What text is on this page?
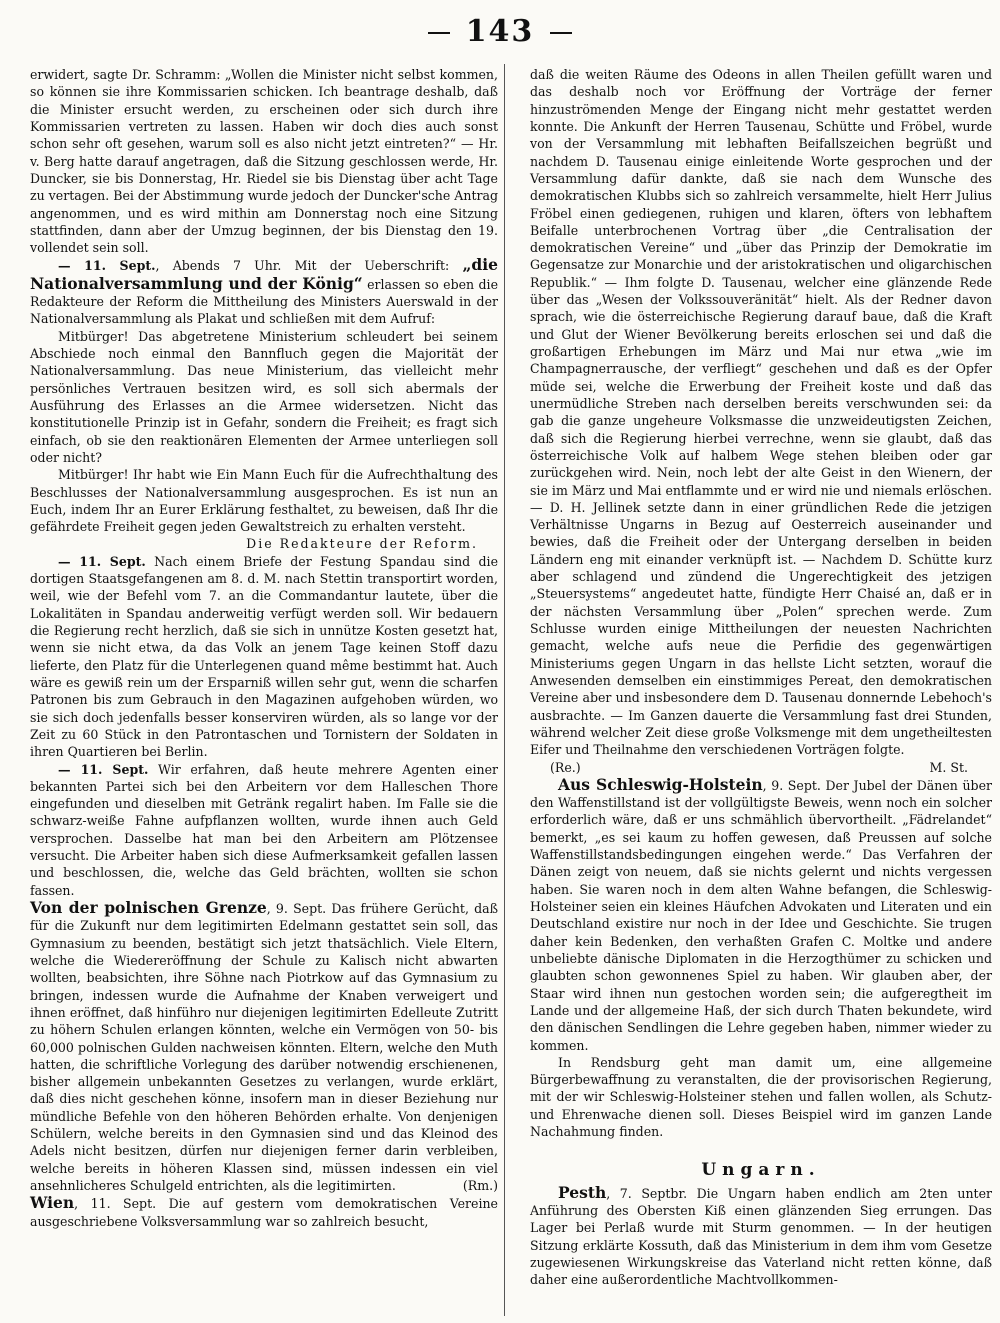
143

erwidert, sagte Dr. Schramm: „Wollen die Minister nicht selbst kommen, so können sie ihre Kommissarien schicken. Ich beantrage deshalb, daß die Minister ersucht werden, zu erscheinen oder sich durch ihre Kommissarien vertreten zu lassen. Haben wir doch dies auch sonst schon sehr oft gesehen, warum soll es also nicht jetzt eintreten?“ — Hr. v. Berg hatte darauf angetragen, daß die Sitzung geschlossen werde, Hr. Duncker, sie bis Donnerstag, Hr. Riedel sie bis Dienstag über acht Tage zu vertagen. Bei der Abstimmung wurde jedoch der Duncker'sche Antrag angenommen, und es wird mithin am Donnerstag noch eine Sitzung stattfinden, dann aber der Umzug beginnen, der bis Dienstag den 19. vollendet sein soll.

— 11. Sept., Abends 7 Uhr. Mit der Ueberschrift: „die Nationalversammlung und der König“ erlassen so eben die Redakteure der Reform die Mittheilung des Ministers Auerswald in der Nationalversammlung als Plakat und schließen mit dem Aufruf:

Mitbürger! Das abgetretene Ministerium schleudert bei seinem Abschiede noch einmal den Bannfluch gegen die Majorität der Nationalversammlung. Das neue Ministerium, das vielleicht mehr persönliches Vertrauen besitzen wird, es soll sich abermals der Ausführung des Erlasses an die Armee widersetzen. Nicht das konstitutionelle Prinzip ist in Gefahr, sondern die Freiheit; es fragt sich einfach, ob sie den reaktionären Elementen der Armee unterliegen soll oder nicht?

Mitbürger! Ihr habt wie Ein Mann Euch für die Aufrechthaltung des Beschlusses der Nationalversammlung ausgesprochen. Es ist nun an Euch, indem Ihr an Eurer Erklärung festhaltet, zu beweisen, daß Ihr die gefährdete Freiheit gegen jeden Gewaltstreich zu erhalten versteht.

Die Redakteure der Reform.

— 11. Sept. Nach einem Briefe der Festung Spandau sind die dortigen Staatsgefangenen am 8. d. M. nach Stettin transportirt worden, weil, wie der Befehl vom 7. an die Commandantur lautete, über die Lokalitäten in Spandau anderweitig verfügt werden soll. Wir bedauern die Regierung recht herzlich, daß sie sich in unnütze Kosten gesetzt hat, wenn sie nicht etwa, da das Volk an jenem Tage keinen Stoff dazu lieferte, den Platz für die Unterlegenen quand même bestimmt hat. Auch wäre es gewiß rein um der Ersparniß willen sehr gut, wenn die scharfen Patronen bis zum Gebrauch in den Magazinen aufgehoben würden, wo sie sich doch jedenfalls besser konserviren würden, als so lange vor der Zeit zu 60 Stück in den Patrontaschen und Tornistern der Soldaten in ihren Quartieren bei Berlin.

— 11. Sept. Wir erfahren, daß heute mehrere Agenten einer bekannten Partei sich bei den Arbeitern vor dem Halleschen Thore eingefunden und dieselben mit Getränk regalirt haben. Im Falle sie die schwarz-weiße Fahne aufpflanzen wollten, wurde ihnen auch Geld versprochen. Dasselbe hat man bei den Arbeitern am Plötzensee versucht. Die Arbeiter haben sich diese Aufmerksamkeit gefallen lassen und beschlossen, die, welche das Geld brächten, wollten sie schon fassen.

Von der polnischen Grenze, 9. Sept. Das frühere Gerücht, daß für die Zukunft nur dem legitimirten Edelmann gestattet sein soll, das Gymnasium zu beenden, bestätigt sich jetzt thatsächlich. Viele Eltern, welche die Wiedereröffnung der Schule zu Kalisch nicht abwarten wollten, beabsichten, ihre Söhne nach Piotrkow auf das Gymnasium zu bringen, indessen wurde die Aufnahme der Knaben verweigert und ihnen eröffnet, daß hinführo nur diejenigen legitimirten Edelleute Zutritt zu höhern Schulen erlangen könnten, welche ein Vermögen von 50- bis 60,000 polnischen Gulden nachweisen könnten. Eltern, welche den Muth hatten, die schriftliche Vorlegung des darüber notwendig erschienenen, bisher allgemein unbekannten Gesetzes zu verlangen, wurde erklärt, daß dies nicht geschehen könne, insofern man in dieser Beziehung nur mündliche Befehle von den höheren Behörden erhalte. Von denjenigen Schülern, welche bereits in den Gymnasien sind und das Kleinod des Adels nicht besitzen, dürfen nur diejenigen ferner darin verbleiben, welche bereits in höheren Klassen sind, müssen indessen ein viel ansehnlicheres Schulgeld entrichten, als die legitimirten.	(Rm.)

Wien, 11. Sept. Die auf gestern vom demokratischen Vereine ausgeschriebene Volksversammlung war so zahlreich besucht,

daß die weiten Räume des Odeons in allen Theilen gefüllt waren und das deshalb noch vor Eröffnung der Vorträge der ferner hinzuströmenden Menge der Eingang nicht mehr gestattet werden konnte. Die Ankunft der Herren Tausenau, Schütte und Fröbel, wurde von der Versammlung mit lebhaften Beifallszeichen begrüßt und nachdem D. Tausenau einige einleitende Worte gesprochen und der Versammlung dafür dankte, daß sie nach dem Wunsche des demokratischen Klubbs sich so zahlreich versammelte, hielt Herr Julius Fröbel einen gediegenen, ruhigen und klaren, öfters von lebhaftem Beifalle unterbrochenen Vortrag über „die Centralisation der demokratischen Vereine“ und „über das Prinzip der Demokratie im Gegensatze zur Monarchie und der aristokratischen und oligarchischen Republik.“ — Ihm folgte D. Tausenau, welcher eine glänzende Rede über das „Wesen der Volkssouveränität“ hielt. Als der Redner davon sprach, wie die österreichische Regierung darauf baue, daß die Kraft und Glut der Wiener Bevölkerung bereits erloschen sei und daß die großartigen Erhebungen im März und Mai nur etwa „wie im Champagnerrausche, der verfliegt“ geschehen und daß es der Opfer müde sei, welche die Erwerbung der Freiheit koste und daß das unermüdliche Streben nach derselben bereits verschwunden sei: da gab die ganze ungeheure Volksmasse die unzweideutigsten Zeichen, daß sich die Regierung hierbei verrechne, wenn sie glaubt, daß das österreichische Volk auf halbem Wege stehen bleiben oder gar zurückgehen wird. Nein, noch lebt der alte Geist in den Wienern, der sie im März und Mai entflammte und er wird nie und niemals erlöschen. — D. H. Jellinek setzte dann in einer gründlichen Rede die jetzigen Verhältnisse Ungarns in Bezug auf Oesterreich auseinander und bewies, daß die Freiheit oder der Untergang derselben in beiden Ländern eng mit einander verknüpft ist. — Nachdem D. Schütte kurz aber schlagend und zündend die Ungerechtigkeit des jetzigen „Steuersystems“ angedeutet hatte, fündigte Herr Chaisé an, daß er in der nächsten Versammlung über „Polen“ sprechen werde. Zum Schlusse wurden einige Mittheilungen der neuesten Nachrichten gemacht, welche aufs neue die Perfidie des gegenwärtigen Ministeriums gegen Ungarn in das hellste Licht setzten, worauf die Anwesenden demselben ein einstimmiges Pereat, den demokratischen Vereine aber und insbesondere dem D. Tausenau donnernde Lebehoch's ausbrachte. — Im Ganzen dauerte die Versammlung fast drei Stunden, während welcher Zeit diese große Volksmenge mit dem ungetheiltesten Eifer und Theilnahme den verschiedenen Vorträgen folgte.

(Re.)	M. St.

Aus Schleswig-Holstein, 9. Sept. Der Jubel der Dänen über den Waffenstillstand ist der vollgültigste Beweis, wenn noch ein solcher erforderlich wäre, daß er uns schmählich übervortheilt. „Fädrelandet“ bemerkt, „es sei kaum zu hoffen gewesen, daß Preussen auf solche Waffenstillstandsbedingungen eingehen werde.“ Das Verfahren der Dänen zeigt von neuem, daß sie nichts gelernt und nichts vergessen haben. Sie waren noch in dem alten Wahne befangen, die Schleswig-Holsteiner seien ein kleines Häufchen Advokaten und Literaten und ein Deutschland existire nur noch in der Idee und Geschichte. Sie trugen daher kein Bedenken, den verhaßten Grafen C. Moltke und andere unbeliebte dänische Diplomaten in die Herzogthümer zu schicken und glaubten schon gewonnenes Spiel zu haben. Wir glauben aber, der Staar wird ihnen nun gestochen worden sein; die aufgeregtheit im Lande und der allgemeine Haß, der sich durch Thaten bekundete, wird den dänischen Sendlingen die Lehre gegeben haben, nimmer wieder zu kommen.

In Rendsburg geht man damit um, eine allgemeine Bürgerbewaffnung zu veranstalten, die der provisorischen Regierung, mit der wir Schleswig-Holsteiner stehen und fallen wollen, als Schutz- und Ehrenwache dienen soll. Dieses Beispiel wird im ganzen Lande Nachahmung finden.

Ungarn.

Pesth, 7. Septbr. Die Ungarn haben endlich am 2ten unter Anführung des Obersten Kiß einen glänzenden Sieg errungen. Das Lager bei Perlaß wurde mit Sturm genommen. — In der heutigen Sitzung erklärte Kossuth, daß das Ministerium in dem ihm vom Gesetze zugewiesenen Wirkungskreise das Vaterland nicht retten könne, daß daher eine außerordentliche Machtvollkommen-
